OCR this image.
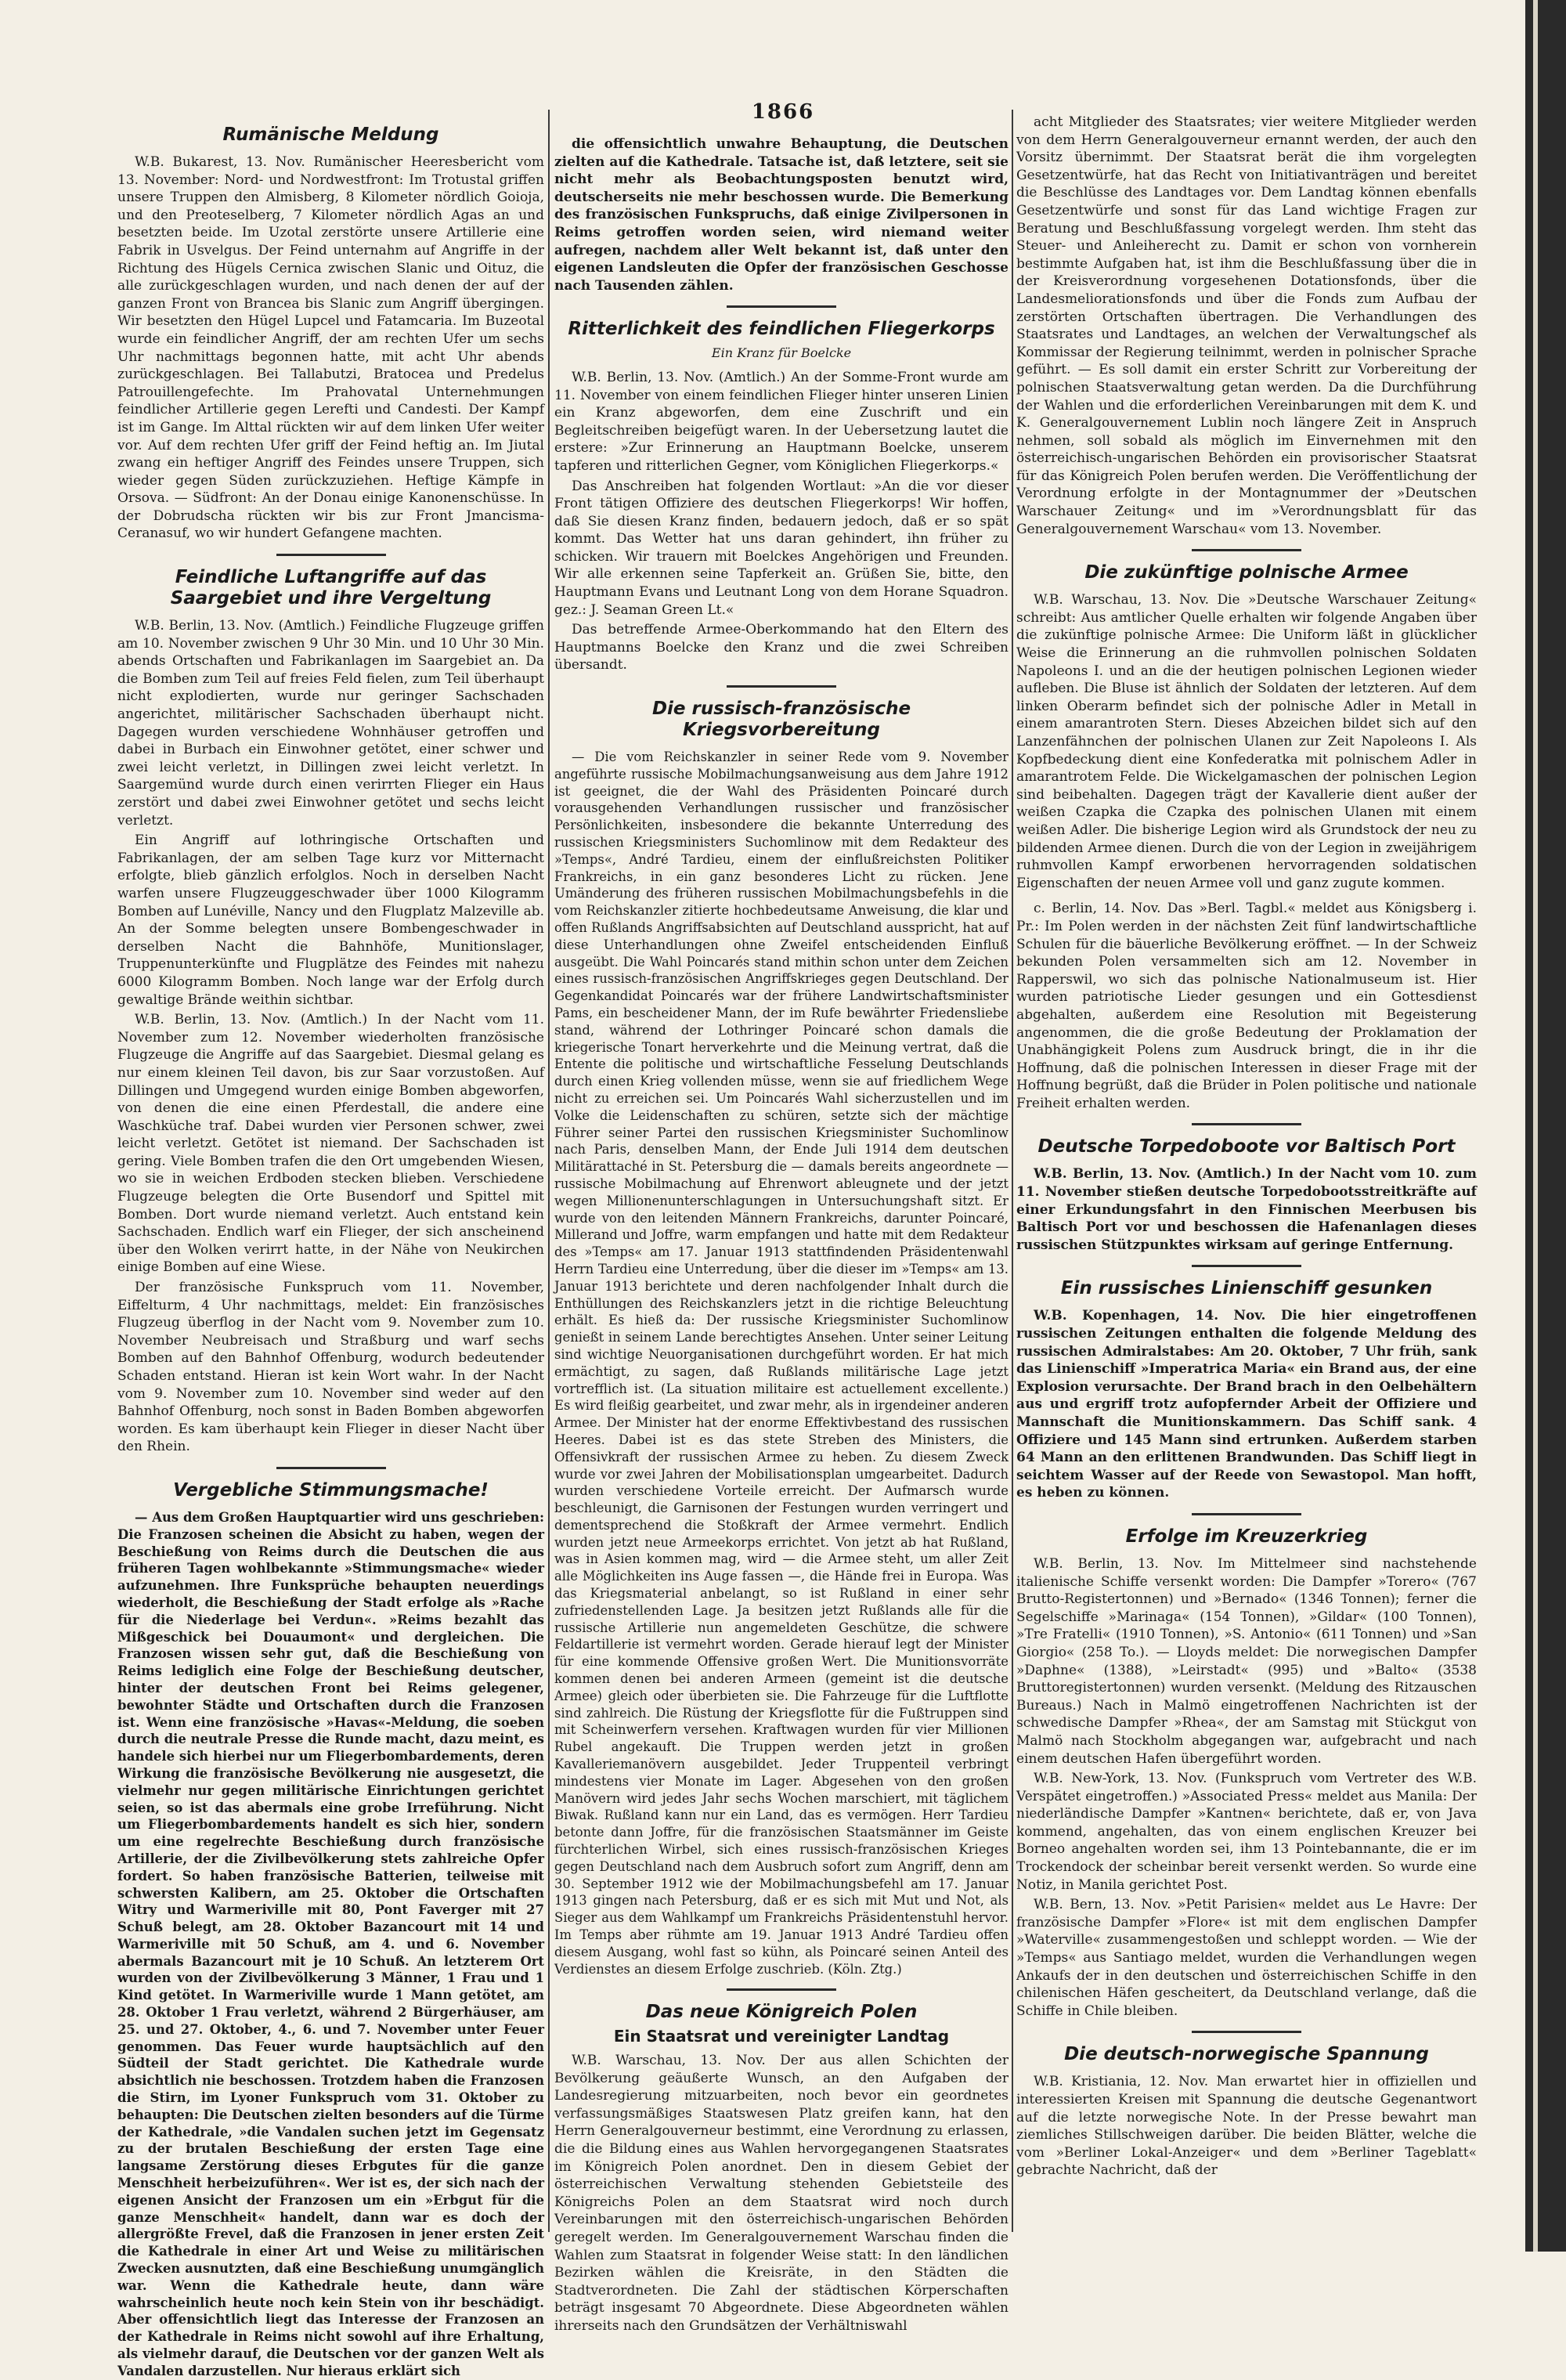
1866
Rumänische Meldung

W.B. Bukarest, 13. Nov. Rumänischer Heeresbericht vom 13. November: Nord- und Nordwestfront: Im Trotustal griffen unsere Truppen den Almisberg, 8 Kilometer nördlich Goioja, und den Preoteselberg, 7 Kilometer nördlich Agas an und besetzten beide. Im Uzotal zerstörte unsere Artillerie eine Fabrik in Usvelgus. Der Feind unternahm auf Angriffe in der Richtung des Hügels Cernica zwischen Slanic und Oituz, die alle zurückgeschlagen wurden, und nach denen der auf der ganzen Front von Brancea bis Slanic zum Angriff übergingen. Wir besetzten den Hügel Lupcel und Fatamcaria. Im Buzeotal wurde ein feindlicher Angriff, der am rechten Ufer um sechs Uhr nachmittags begonnen hatte, mit acht Uhr abends zurückgeschlagen. Bei Tallabutzi, Bratocea und Predelus Patrouillengefechte. Im Prahovatal Unternehmungen feindlicher Artillerie gegen Lerefti und Candesti. Der Kampf ist im Gange. Im Alttal rückten wir auf dem linken Ufer weiter vor. Auf dem rechten Ufer griff der Feind heftig an. Im Jiutal zwang ein heftiger Angriff des Feindes unsere Truppen, sich wieder gegen Süden zurückzuziehen. Heftige Kämpfe in Orsova. — Südfront: An der Donau einige Kanonenschüsse. In der Dobrudscha rückten wir bis zur Front Jmancisma-Ceranasuf, wo wir hundert Gefangene machten.

Feindliche Luftangriffe auf das Saargebiet und ihre Vergeltung

W.B. Berlin, 13. Nov. (Amtlich.) Feindliche Flugzeuge griffen am 10. November zwischen 9 Uhr 30 Min. und 10 Uhr 30 Min. abends Ortschaften und Fabrikanlagen im Saargebiet an. Da die Bomben zum Teil auf freies Feld fielen, zum Teil überhaupt nicht explodierten, wurde nur geringer Sachschaden angerichtet, militärischer Sachschaden überhaupt nicht. Dagegen wurden verschiedene Wohnhäuser getroffen und dabei in Burbach ein Einwohner getötet, einer schwer und zwei leicht verletzt, in Dillingen zwei leicht verletzt. In Saargemünd wurde durch einen verirrten Flieger ein Haus zerstört und dabei zwei Einwohner getötet und sechs leicht verletzt.

Ein Angriff auf lothringische Ortschaften und Fabrikanlagen, der am selben Tage kurz vor Mitternacht erfolgte, blieb gänzlich erfolglos. Noch in derselben Nacht warfen unsere Flugzeuggeschwader über 1000 Kilogramm Bomben auf Lunéville, Nancy und den Flugplatz Malzeville ab. An der Somme belegten unsere Bombengeschwader in derselben Nacht die Bahnhöfe, Munitionslager, Truppenunterkünfte und Flugplätze des Feindes mit nahezu 6000 Kilogramm Bomben. Noch lange war der Erfolg durch gewaltige Brände weithin sichtbar.

W.B. Berlin, 13. Nov. (Amtlich.) In der Nacht vom 11. November zum 12. November wiederholten französische Flugzeuge die Angriffe auf das Saargebiet. Diesmal gelang es nur einem kleinen Teil davon, bis zur Saar vorzustoßen. Auf Dillingen und Umgegend wurden einige Bomben abgeworfen, von denen die eine einen Pferdestall, die andere eine Waschküche traf. Dabei wurden vier Personen schwer, zwei leicht verletzt. Getötet ist niemand. Der Sachschaden ist gering. Viele Bomben trafen die den Ort umgebenden Wiesen, wo sie in weichen Erdboden stecken blieben. Verschiedene Flugzeuge belegten die Orte Busendorf und Spittel mit Bomben. Dort wurde niemand verletzt. Auch entstand kein Sachschaden. Endlich warf ein Flieger, der sich anscheinend über den Wolken verirrt hatte, in der Nähe von Neukirchen einige Bomben auf eine Wiese.

Der französische Funkspruch vom 11. November, Eiffelturm, 4 Uhr nachmittags, meldet: Ein französisches Flugzeug überflog in der Nacht vom 9. November zum 10. November Neubreisach und Straßburg und warf sechs Bomben auf den Bahnhof Offenburg, wodurch bedeutender Schaden entstand. Hieran ist kein Wort wahr. In der Nacht vom 9. November zum 10. November sind weder auf den Bahnhof Offenburg, noch sonst in Baden Bomben abgeworfen worden. Es kam überhaupt kein Flieger in dieser Nacht über den Rhein.

Vergebliche Stimmungsmache!

— Aus dem Großen Hauptquartier wird uns geschrieben: Die Franzosen scheinen die Absicht zu haben, wegen der Beschießung von Reims durch die Deutschen die aus früheren Tagen wohlbekannte »Stimmungsmache« wieder aufzunehmen. Ihre Funksprüche behaupten neuerdings wiederholt, die Beschießung der Stadt erfolge als »Rache für die Niederlage bei Verdun«. »Reims bezahlt das Mißgeschick bei Douaumont« und dergleichen. Die Franzosen wissen sehr gut, daß die Beschießung von Reims lediglich eine Folge der Beschießung deutscher, hinter der deutschen Front bei Reims gelegener, bewohnter Städte und Ortschaften durch die Franzosen ist. Wenn eine französische »Havas«-Meldung, die soeben durch die neutrale Presse die Runde macht, dazu meint, es handele sich hierbei nur um Fliegerbombardements, deren Wirkung die französische Bevölkerung nie ausgesetzt, die vielmehr nur gegen militärische Einrichtungen gerichtet seien, so ist das abermals eine grobe Irreführung. Nicht um Fliegerbombardements handelt es sich hier, sondern um eine regelrechte Beschießung durch französische Artillerie, der die Zivilbevölkerung stets zahlreiche Opfer fordert. So haben französische Batterien, teilweise mit schwersten Kalibern, am 25. Oktober die Ortschaften Witry und Warmeriville mit 80, Pont Faverger mit 27 Schuß belegt, am 28. Oktober Bazancourt mit 14 und Warmeriville mit 50 Schuß, am 4. und 6. November abermals Bazancourt mit je 10 Schuß. An letzterem Ort wurden von der Zivilbevölkerung 3 Männer, 1 Frau und 1 Kind getötet. In Warmeriville wurde 1 Mann getötet, am 28. Oktober 1 Frau verletzt, während 2 Bürgerhäuser, am 25. und 27. Oktober, 4., 6. und 7. November unter Feuer genommen. Das Feuer wurde hauptsächlich auf den Südteil der Stadt gerichtet. Die Kathedrale wurde absichtlich nie beschossen. Trotzdem haben die Franzosen die Stirn, im Lyoner Funkspruch vom 31. Oktober zu behaupten: Die Deutschen zielten besonders auf die Türme der Kathedrale, »die Vandalen suchen jetzt im Gegensatz zu der brutalen Beschießung der ersten Tage eine langsame Zerstörung dieses Erbgutes für die ganze Menschheit herbeizuführen«. Wer ist es, der sich nach der eigenen Ansicht der Franzosen um ein »Erbgut für die ganze Menschheit« handelt, dann war es doch der allergrößte Frevel, daß die Franzosen in jener ersten Zeit die Kathedrale in einer Art und Weise zu militärischen Zwecken ausnutzten, daß eine Beschießung unumgänglich war. Wenn die Kathedrale heute, dann wäre wahrscheinlich heute noch kein Stein von ihr beschädigt. Aber offensichtlich liegt das Interesse der Franzosen an der Kathedrale in Reims nicht sowohl auf ihre Erhaltung, als vielmehr darauf, die Deutschen vor der ganzen Welt als Vandalen darzustellen. Nur hieraus erklärt sich

die offensichtlich unwahre Behauptung, die Deutschen zielten auf die Kathedrale. Tatsache ist, daß letztere, seit sie nicht mehr als Beobachtungsposten benutzt wird, deutscherseits nie mehr beschossen wurde. Die Bemerkung des französischen Funkspruchs, daß einige Zivilpersonen in Reims getroffen worden seien, wird niemand weiter aufregen, nachdem aller Welt bekannt ist, daß unter den eigenen Landsleuten die Opfer der französischen Geschosse nach Tausenden zählen.

Ritterlichkeit des feindlichen Fliegerkorps
Ein Kranz für Boelcke

W.B. Berlin, 13. Nov. (Amtlich.) An der Somme-Front wurde am 11. November von einem feindlichen Flieger hinter unseren Linien ein Kranz abgeworfen, dem eine Zuschrift und ein Begleitschreiben beigefügt waren. In der Uebersetzung lautet die erstere: »Zur Erinnerung an Hauptmann Boelcke, unserem tapferen und ritterlichen Gegner, vom Königlichen Fliegerkorps.«

Das Anschreiben hat folgenden Wortlaut: »An die vor dieser Front tätigen Offiziere des deutschen Fliegerkorps! Wir hoffen, daß Sie diesen Kranz finden, bedauern jedoch, daß er so spät kommt. Das Wetter hat uns daran gehindert, ihn früher zu schicken. Wir trauern mit Boelckes Angehörigen und Freunden. Wir alle erkennen seine Tapferkeit an. Grüßen Sie, bitte, den Hauptmann Evans und Leutnant Long von dem Horane Squadron. gez.: J. Seaman Green Lt.«

Das betreffende Armee-Oberkommando hat den Eltern des Hauptmanns Boelcke den Kranz und die zwei Schreiben übersandt.

Die russisch-französische Kriegsvorbereitung

— Die vom Reichskanzler in seiner Rede vom 9. November angeführte russische Mobilmachungsanweisung aus dem Jahre 1912 ist geeignet, die der Wahl des Präsidenten Poincaré durch vorausgehenden Verhandlungen russischer und französischer Persönlichkeiten, insbesondere die bekannte Unterredung des russischen Kriegsministers Suchomlinow mit dem Redakteur des »Temps«, André Tardieu, einem der einflußreichsten Politiker Frankreichs, in ein ganz besonderes Licht zu rücken. Jene Umänderung des früheren russischen Mobilmachungsbefehls in die vom Reichskanzler zitierte hochbedeutsame Anweisung, die klar und offen Rußlands Angriffsabsichten auf Deutschland ausspricht, hat auf diese Unterhandlungen ohne Zweifel entscheidenden Einfluß ausgeübt. Die Wahl Poincarés stand mithin schon unter dem Zeichen eines russisch-französischen Angriffskrieges gegen Deutschland. Der Gegenkandidat Poincarés war der frühere Landwirtschaftsminister Pams, ein bescheidener Mann, der im Rufe bewährter Friedensliebe stand, während der Lothringer Poincaré schon damals die kriegerische Tonart herverkehrte und die Meinung vertrat, daß die Entente die politische und wirtschaftliche Fesselung Deutschlands durch einen Krieg vollenden müsse, wenn sie auf friedlichem Wege nicht zu erreichen sei. Um Poincarés Wahl sicherzustellen und im Volke die Leidenschaften zu schüren, setzte sich der mächtige Führer seiner Partei den russischen Kriegsminister Suchomlinow nach Paris, denselben Mann, der Ende Juli 1914 dem deutschen Militärattaché in St. Petersburg die — damals bereits angeordnete — russische Mobilmachung auf Ehrenwort ableugnete und der jetzt wegen Millionenunterschlagungen in Untersuchungshaft sitzt. Er wurde von den leitenden Männern Frankreichs, darunter Poincaré, Millerand und Joffre, warm empfangen und hatte mit dem Redakteur des »Temps« am 17. Januar 1913 stattfindenden Präsidentenwahl Herrn Tardieu eine Unterredung, über die dieser im »Temps« am 13. Januar 1913 berichtete und deren nachfolgender Inhalt durch die Enthüllungen des Reichskanzlers jetzt in die richtige Beleuchtung erhält. Es hieß da: Der russische Kriegsminister Suchomlinow genießt in seinem Lande berechtigtes Ansehen. Unter seiner Leitung sind wichtige Neuorganisationen durchgeführt worden. Er hat mich ermächtigt, zu sagen, daß Rußlands militärische Lage jetzt vortrefflich ist. (La situation militaire est actuellement excellente.) Es wird fleißig gearbeitet, und zwar mehr, als in irgendeiner anderen Armee. Der Minister hat der enorme Effektivbestand des russischen Heeres. Dabei ist es das stete Streben des Ministers, die Offensivkraft der russischen Armee zu heben. Zu diesem Zweck wurde vor zwei Jahren der Mobilisationsplan umgearbeitet. Dadurch wurden verschiedene Vorteile erreicht. Der Aufmarsch wurde beschleunigt, die Garnisonen der Festungen wurden verringert und dementsprechend die Stoßkraft der Armee vermehrt. Endlich wurden jetzt neue Armeekorps errichtet. Von jetzt ab hat Rußland, was in Asien kommen mag, wird — die Armee steht, um aller Zeit alle Möglichkeiten ins Auge fassen —, die Hände frei in Europa. Was das Kriegsmaterial anbelangt, so ist Rußland in einer sehr zufriedenstellenden Lage. Ja besitzen jetzt Rußlands alle für die russische Artillerie nun angemeldeten Geschütze, die schwere Feldartillerie ist vermehrt worden. Gerade hierauf legt der Minister für eine kommende Offensive großen Wert. Die Munitionsvorräte kommen denen bei anderen Armeen (gemeint ist die deutsche Armee) gleich oder überbieten sie. Die Fahrzeuge für die Luftflotte sind zahlreich. Die Rüstung der Kriegsflotte für die Fußtruppen sind mit Scheinwerfern versehen. Kraftwagen wurden für vier Millionen Rubel angekauft. Die Truppen werden jetzt in großen Kavalleriemanövern ausgebildet. Jeder Truppenteil verbringt mindestens vier Monate im Lager. Abgesehen von den großen Manövern wird jedes Jahr sechs Wochen marschiert, mit täglichem Biwak. Rußland kann nur ein Land, das es vermögen. Herr Tardieu betonte dann Joffre, für die französischen Staatsmänner im Geiste fürchterlichen Wirbel, sich eines russisch-französischen Krieges gegen Deutschland nach dem Ausbruch sofort zum Angriff, denn am 30. September 1912 wie der Mobilmachungsbefehl am 17. Januar 1913 gingen nach Petersburg, daß er es sich mit Mut und Not, als Sieger aus dem Wahlkampf um Frankreichs Präsidentenstuhl hervor. Im Temps aber rühmte am 19. Januar 1913 André Tardieu offen diesem Ausgang, wohl fast so kühn, als Poincaré seinen Anteil des Verdienstes an diesem Erfolge zuschrieb. (Köln. Ztg.)

Das neue Königreich Polen
Ein Staatsrat und vereinigter Landtag

W.B. Warschau, 13. Nov. Der aus allen Schichten der Bevölkerung geäußerte Wunsch, an den Aufgaben der Landesregierung mitzuarbeiten, noch bevor ein geordnetes verfassungsmäßiges Staatswesen Platz greifen kann, hat den Herrn Generalgouverneur bestimmt, eine Verordnung zu erlassen, die die Bildung eines aus Wahlen hervorgegangenen Staatsrates im Königreich Polen anordnet. Den in diesem Gebiet der österreichischen Verwaltung stehenden Gebietsteile des Königreichs Polen an dem Staatsrat wird noch durch Vereinbarungen mit den österreichisch-ungarischen Behörden geregelt werden. Im Generalgouvernement Warschau finden die Wahlen zum Staatsrat in folgender Weise statt: In den ländlichen Bezirken wählen die Kreisräte, in den Städten die Stadtverordneten. Die Zahl der städtischen Körperschaften beträgt insgesamt 70 Abgeordnete. Diese Abgeordneten wählen ihrerseits nach den Grundsätzen der Verhältniswahl

acht Mitglieder des Staatsrates; vier weitere Mitglieder werden von dem Herrn Generalgouverneur ernannt werden, der auch den Vorsitz übernimmt. Der Staatsrat berät die ihm vorgelegten Gesetzentwürfe, hat das Recht von Initiativanträgen und bereitet die Beschlüsse des Landtages vor. Dem Landtag können ebenfalls Gesetzentwürfe und sonst für das Land wichtige Fragen zur Beratung und Beschlußfassung vorgelegt werden. Ihm steht das Steuer- und Anleiherecht zu. Damit er schon von vornherein bestimmte Aufgaben hat, ist ihm die Beschlußfassung über die in der Kreisverordnung vorgesehenen Dotationsfonds, über die Landesmeliorationsfonds und über die Fonds zum Aufbau der zerstörten Ortschaften übertragen. Die Verhandlungen des Staatsrates und Landtages, an welchen der Verwaltungschef als Kommissar der Regierung teilnimmt, werden in polnischer Sprache geführt. — Es soll damit ein erster Schritt zur Vorbereitung der polnischen Staatsverwaltung getan werden. Da die Durchführung der Wahlen und die erforderlichen Vereinbarungen mit dem K. und K. Generalgouvernement Lublin noch längere Zeit in Anspruch nehmen, soll sobald als möglich im Einvernehmen mit den österreichisch-ungarischen Behörden ein provisorischer Staatsrat für das Königreich Polen berufen werden. Die Veröffentlichung der Verordnung erfolgte in der Montagnummer der »Deutschen Warschauer Zeitung« und im »Verordnungsblatt für das Generalgouvernement Warschau« vom 13. November.

Die zukünftige polnische Armee

W.B. Warschau, 13. Nov. Die »Deutsche Warschauer Zeitung« schreibt: Aus amtlicher Quelle erhalten wir folgende Angaben über die zukünftige polnische Armee: Die Uniform läßt in glücklicher Weise die Erinnerung an die ruhmvollen polnischen Soldaten Napoleons I. und an die der heutigen polnischen Legionen wieder aufleben. Die Bluse ist ähnlich der Soldaten der letzteren. Auf dem linken Oberarm befindet sich der polnische Adler in Metall in einem amarantroten Stern. Dieses Abzeichen bildet sich auf den Lanzenfähnchen der polnischen Ulanen zur Zeit Napoleons I. Als Kopfbedeckung dient eine Konfederatka mit polnischem Adler in amarantrotem Felde. Die Wickelgamaschen der polnischen Legion sind beibehalten. Dagegen trägt der Kavallerie dient außer der weißen Czapka die Czapka des polnischen Ulanen mit einem weißen Adler. Die bisherige Legion wird als Grundstock der neu zu bildenden Armee dienen. Durch die von der Legion in zweijährigem ruhmvollen Kampf erworbenen hervorragenden soldatischen Eigenschaften der neuen Armee voll und ganz zugute kommen.

c. Berlin, 14. Nov. Das »Berl. Tagbl.« meldet aus Königsberg i. Pr.: Im Polen werden in der nächsten Zeit fünf landwirtschaftliche Schulen für die bäuerliche Bevölkerung eröffnet. — In der Schweiz bekunden Polen versammelten sich am 12. November in Rapperswil, wo sich das polnische Nationalmuseum ist. Hier wurden patriotische Lieder gesungen und ein Gottesdienst abgehalten, außerdem eine Resolution mit Begeisterung angenommen, die die große Bedeutung der Proklamation der Unabhängigkeit Polens zum Ausdruck bringt, die in ihr die Hoffnung, daß die polnischen Interessen in dieser Frage mit der Hoffnung begrüßt, daß die Brüder in Polen politische und nationale Freiheit erhalten werden.

Deutsche Torpedoboote vor Baltisch Port

W.B. Berlin, 13. Nov. (Amtlich.) In der Nacht vom 10. zum 11. November stießen deutsche Torpedobootsstreitkräfte auf einer Erkundungsfahrt in den Finnischen Meerbusen bis Baltisch Port vor und beschossen die Hafenanlagen dieses russischen Stützpunktes wirksam auf geringe Entfernung.

Ein russisches Linienschiff gesunken

W.B. Kopenhagen, 14. Nov. Die hier eingetroffenen russischen Zeitungen enthalten die folgende Meldung des russischen Admiralstabes: Am 20. Oktober, 7 Uhr früh, sank das Linienschiff »Imperatrica Maria« ein Brand aus, der eine Explosion verursachte. Der Brand brach in den Oelbehältern aus und ergriff trotz aufopfernder Arbeit der Offiziere und Mannschaft die Munitionskammern. Das Schiff sank. 4 Offiziere und 145 Mann sind ertrunken. Außerdem starben 64 Mann an den erlittenen Brandwunden. Das Schiff liegt in seichtem Wasser auf der Reede von Sewastopol. Man hofft, es heben zu können.

Erfolge im Kreuzerkrieg

W.B. Berlin, 13. Nov. Im Mittelmeer sind nachstehende italienische Schiffe versenkt worden: Die Dampfer »Torero« (767 Brutto-Registertonnen) und »Bernado« (1346 Tonnen); ferner die Segelschiffe »Marinaga« (154 Tonnen), »Gildar« (100 Tonnen), »Tre Fratelli« (1910 Tonnen), »S. Antonio« (611 Tonnen) und »San Giorgio« (258 To.). — Lloyds meldet: Die norwegischen Dampfer »Daphne« (1388), »Leirstadt« (995) und »Balto« (3538 Bruttoregistertonnen) wurden versenkt. (Meldung des Ritzauschen Bureaus.) Nach in Malmö eingetroffenen Nachrichten ist der schwedische Dampfer »Rhea«, der am Samstag mit Stückgut von Malmö nach Stockholm abgegangen war, aufgebracht und nach einem deutschen Hafen übergeführt worden.

W.B. New-York, 13. Nov. (Funkspruch vom Vertreter des W.B. Verspätet eingetroffen.) »Associated Press« meldet aus Manila: Der niederländische Dampfer »Kantnen« berichtete, daß er, von Java kommend, angehalten, das von einem englischen Kreuzer bei Borneo angehalten worden sei, ihm 13 Pointebannante, die er im Trockendock der scheinbar bereit versenkt werden. So wurde eine Notiz, in Manila gerichtet Post.

W.B. Bern, 13. Nov. »Petit Parisien« meldet aus Le Havre: Der französische Dampfer »Flore« ist mit dem englischen Dampfer »Waterville« zusammengestoßen und schleppt worden. — Wie der »Temps« aus Santiago meldet, wurden die Verhandlungen wegen Ankaufs der in den deutschen und österreichischen Schiffe in den chilenischen Häfen gescheitert, da Deutschland verlange, daß die Schiffe in Chile bleiben.

Die deutsch-norwegische Spannung

W.B. Kristiania, 12. Nov. Man erwartet hier in offiziellen und interessierten Kreisen mit Spannung die deutsche Gegenantwort auf die letzte norwegische Note. In der Presse bewahrt man ziemliches Stillschweigen darüber. Die beiden Blätter, welche die vom »Berliner Lokal-Anzeiger« und dem »Berliner Tageblatt« gebrachte Nachricht, daß der
